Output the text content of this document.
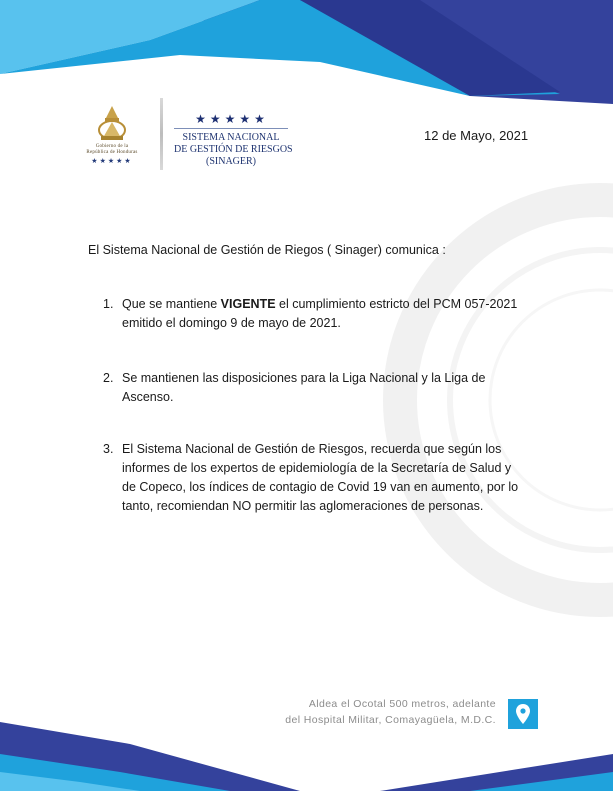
Gobierno de la
República de Honduras
★★★★★
★★★★★
SISTEMA NACIONAL
DE GESTIÓN DE RIESGOS
(SINAGER)
12 de Mayo, 2021
El Sistema Nacional de Gestión de Riegos ( Sinager) comunica :
1. Que se mantiene VIGENTE el cumplimiento estricto del PCM 057-2021 emitido el domingo 9 de mayo de 2021.
2. Se mantienen las disposiciones para la Liga Nacional y la Liga de Ascenso.
3. El Sistema Nacional de Gestión de Riesgos, recuerda que según los informes de los expertos de epidemiología de la Secretaría de Salud y de Copeco, los índices de contagio de Covid 19 van en aumento, por lo tanto, recomiendan NO permitir las aglomeraciones de personas.
Aldea el Ocotal 500 metros, adelante
del Hospital Militar, Comayagüela, M.D.C.
